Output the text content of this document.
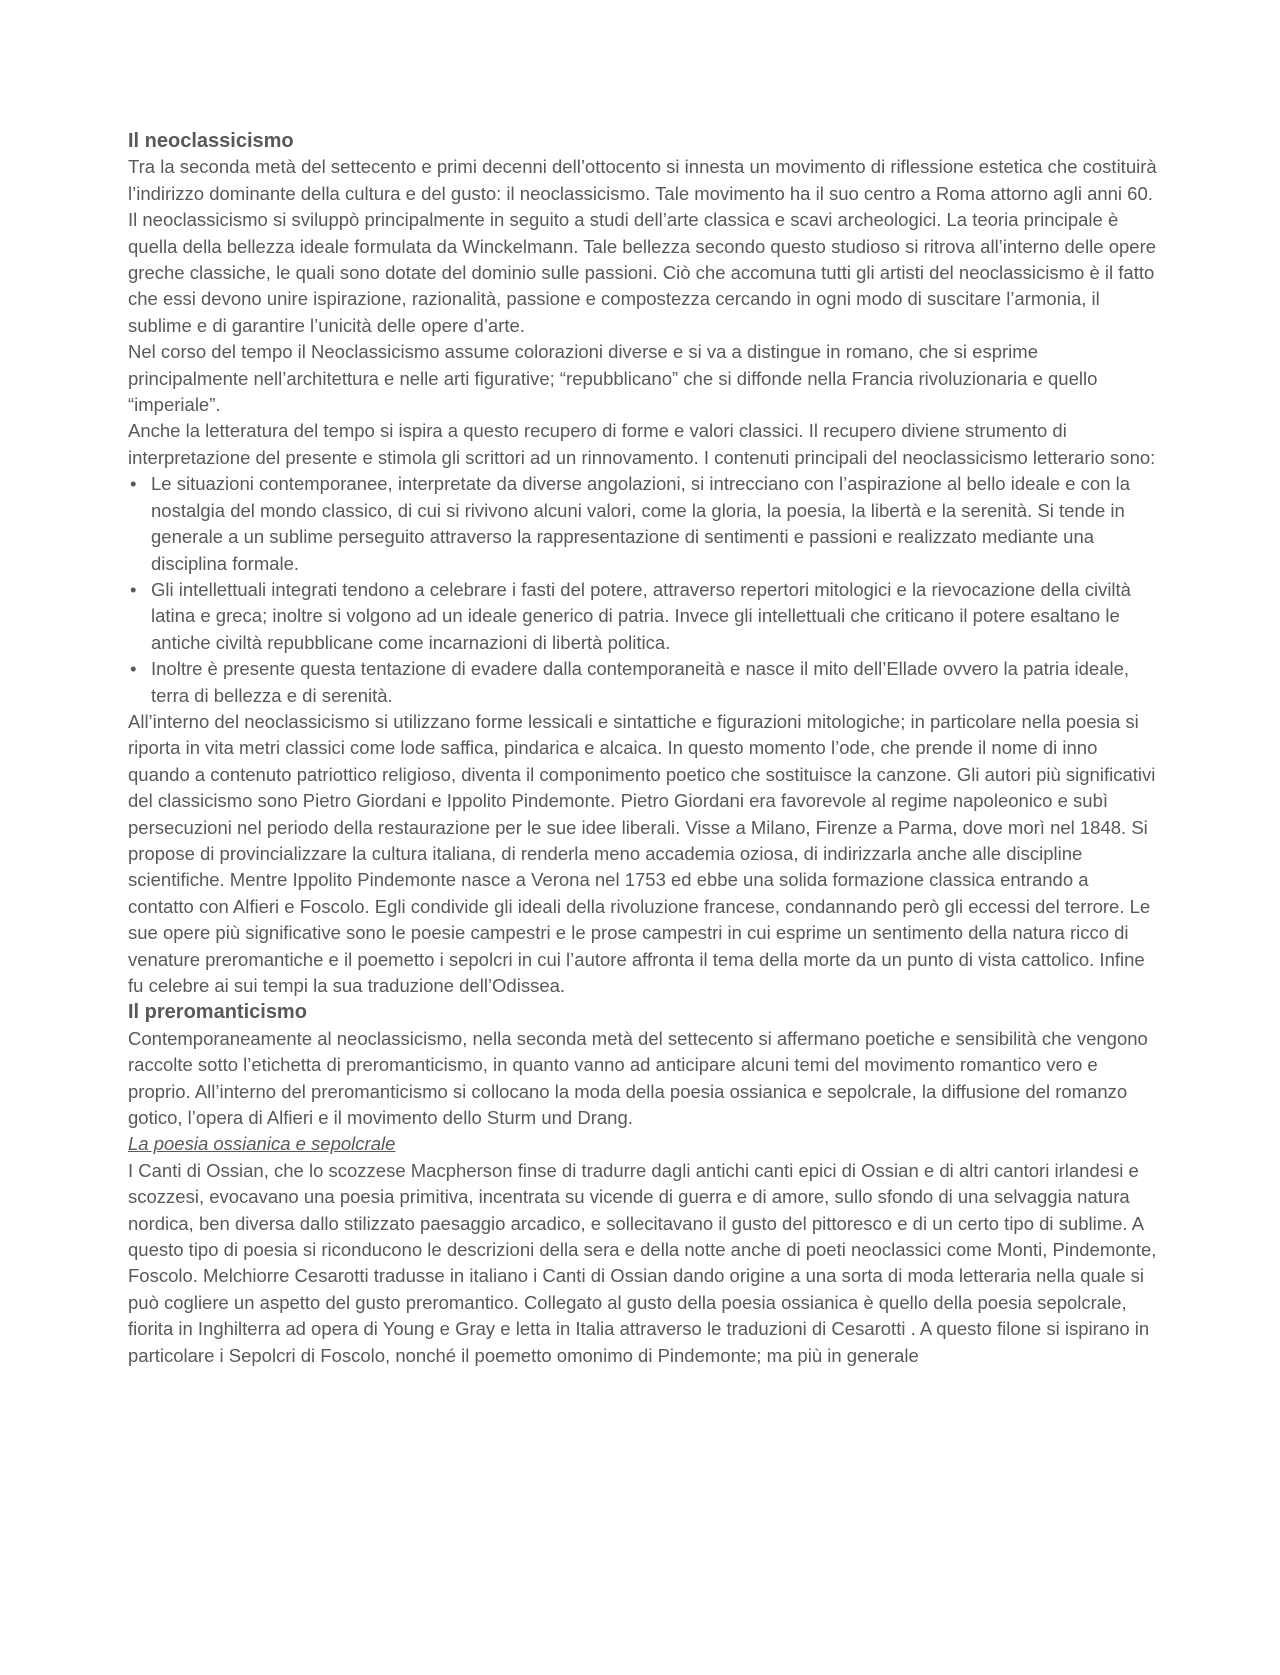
Il neoclassicismo

Tra la seconda metà del settecento e primi decenni dell’ottocento si innesta un movimento di riflessione estetica che costituirà l’indirizzo dominante della cultura e del gusto: il neoclassicismo. Tale movimento ha il suo centro a Roma attorno agli anni 60. Il neoclassicismo si sviluppò principalmente in seguito a studi dell’arte classica e scavi archeologici. La teoria principale è quella della bellezza ideale formulata da Winckelmann. Tale bellezza secondo questo studioso si ritrova all’interno delle opere greche classiche, le quali sono dotate del dominio sulle passioni. Ciò che accomuna tutti gli artisti del neoclassicismo è il fatto che essi devono unire ispirazione, razionalità, passione e compostezza cercando in ogni modo di suscitare l’armonia, il sublime e di garantire l’unicità delle opere d’arte.

Nel corso del tempo il Neoclassicismo assume colorazioni diverse e si va a distingue in romano, che si esprime principalmente nell’architettura e nelle arti figurative; “repubblicano” che si diffonde nella Francia rivoluzionaria e quello “imperiale”.

Anche la letteratura del tempo si ispira a questo recupero di forme e valori classici. Il recupero diviene strumento di interpretazione del presente e stimola gli scrittori ad un rinnovamento. I contenuti principali del neoclassicismo letterario sono:

• Le situazioni contemporanee, interpretate da diverse angolazioni, si intrecciano con l’aspirazione al bello ideale e con la nostalgia del mondo classico, di cui si rivivono alcuni valori, come la gloria, la poesia, la libertà e la serenità. Si tende in generale a un sublime perseguito attraverso la rappresentazione di sentimenti e passioni e realizzato mediante una disciplina formale.
• Gli intellettuali integrati tendono a celebrare i fasti del potere, attraverso repertori mitologici e la rievocazione della civiltà latina e greca; inoltre si volgono ad un ideale generico di patria. Invece gli intellettuali che criticano il potere esaltano le antiche civiltà repubblicane come incarnazioni di libertà politica.
• Inoltre è presente questa tentazione di evadere dalla contemporaneità e nasce il mito dell’Ellade ovvero la patria ideale, terra di bellezza e di serenità.

All’interno del neoclassicismo si utilizzano forme lessicali e sintattiche e figurazioni mitologiche; in particolare nella poesia si riporta in vita metri classici come lode saffica, pindarica e alcaica. In questo momento l’ode, che prende il nome di inno quando a contenuto patriottico religioso, diventa il componimento poetico che sostituisce la canzone. Gli autori più significativi del classicismo sono Pietro Giordani e Ippolito Pindemonte. Pietro Giordani era favorevole al regime napoleonico e subì persecuzioni nel periodo della restaurazione per le sue idee liberali. Visse a Milano, Firenze a Parma, dove morì nel 1848. Si propose di provincializzare la cultura italiana, di renderla meno accademia oziosa, di indirizzarla anche alle discipline scientifiche. Mentre Ippolito Pindemonte nasce a Verona nel 1753 ed ebbe una solida formazione classica entrando a contatto con Alfieri e Foscolo. Egli condivide gli ideali della rivoluzione francese, condannando però gli eccessi del terrore. Le sue opere più significative sono le poesie campestri e le prose campestri in cui esprime un sentimento della natura ricco di venature preromantiche e il poemetto i sepolcri in cui l’autore affronta il tema della morte da un punto di vista cattolico. Infine fu celebre ai sui tempi la sua traduzione dell’Odissea.

Il preromanticismo

Contemporaneamente al neoclassicismo, nella seconda metà del settecento si affermano poetiche e sensibilità che vengono raccolte sotto l’etichetta di preromanticismo, in quanto vanno ad anticipare alcuni temi del movimento romantico vero e proprio. All’interno del preromanticismo si collocano la moda della poesia ossianica e sepolcrale, la diffusione del romanzo gotico, l’opera di Alfieri e il movimento dello Sturm und Drang.

La poesia ossianica e sepolcrale

I Canti di Ossian, che lo scozzese Macpherson finse di tradurre dagli antichi canti epici di Ossian e di altri cantori irlandesi e scozzesi, evocavano una poesia primitiva, incentrata su vicende di guerra e di amore, sullo sfondo di una selvaggia natura nordica, ben diversa dallo stilizzato paesaggio arcadico, e sollecitavano il gusto del pittoresco e di un certo tipo di sublime. A questo tipo di poesia si riconducono le descrizioni della sera e della notte anche di poeti neoclassici come Monti, Pindemonte, Foscolo. Melchiorre Cesarotti tradusse in italiano i Canti di Ossian dando origine a una sorta di moda letteraria nella quale si può cogliere un aspetto del gusto preromantico. Collegato al gusto della poesia ossianica è quello della poesia sepolcrale, fiorita in Inghilterra ad opera di Young e Gray e letta in Italia attraverso le traduzioni di Cesarotti . A questo filone si ispirano in particolare i Sepolcri di Foscolo, nonché il poemetto omonimo di Pindemonte; ma più in generale
